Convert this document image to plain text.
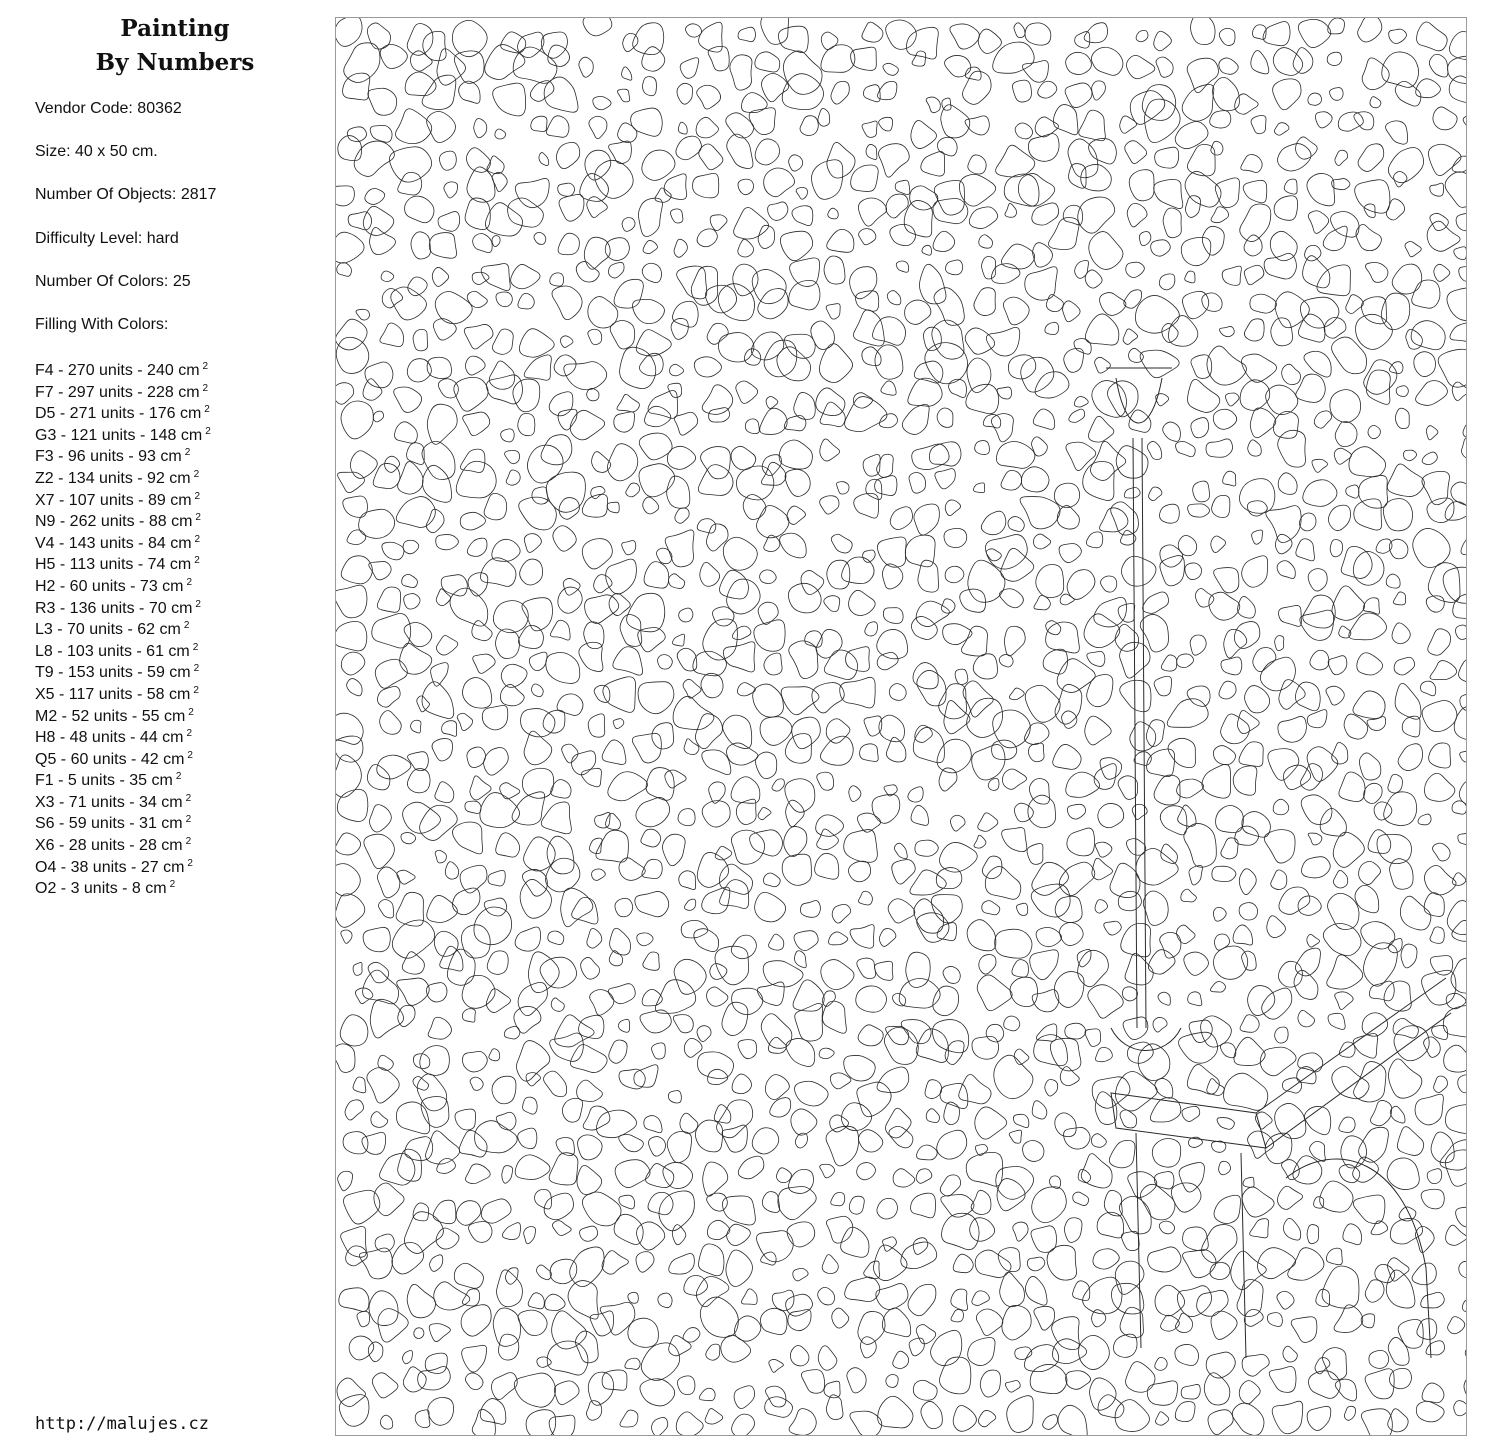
Painting
By Numbers
Vendor Code: 80362
Size: 40 x 50 cm.
Number Of Objects: 2817
Difficulty Level: hard
Number Of Colors: 25
Filling With Colors:
F4 - 270 units - 240 cm $^2$
F7 - 297 units - 228 cm $^2$
D5 - 271 units - 176 cm $^2$
G3 - 121 units - 148 cm $^2$
F3 - 96 units - 93 cm $^2$
Z2 - 134 units - 92 cm $^2$
X7 - 107 units - 89 cm $^2$
N9 - 262 units - 88 cm $^2$
V4 - 143 units - 84 cm $^2$
H5 - 113 units - 74 cm $^2$
H2 - 60 units - 73 cm $^2$
R3 - 136 units - 70 cm $^2$
L3 - 70 units - 62 cm $^2$
L8 - 103 units - 61 cm $^2$
T9 - 153 units - 59 cm $^2$
X5 - 117 units - 58 cm $^2$
M2 - 52 units - 55 cm $^2$
H8 - 48 units - 44 cm $^2$
Q5 - 60 units - 42 cm $^2$
F1 - 5 units - 35 cm $^2$
X3 - 71 units - 34 cm $^2$
S6 - 59 units - 31 cm $^2$
X6 - 28 units - 28 cm $^2$
O4 - 38 units - 27 cm $^2$
O2 - 3 units - 8 cm $^2$
http://malujes.cz
